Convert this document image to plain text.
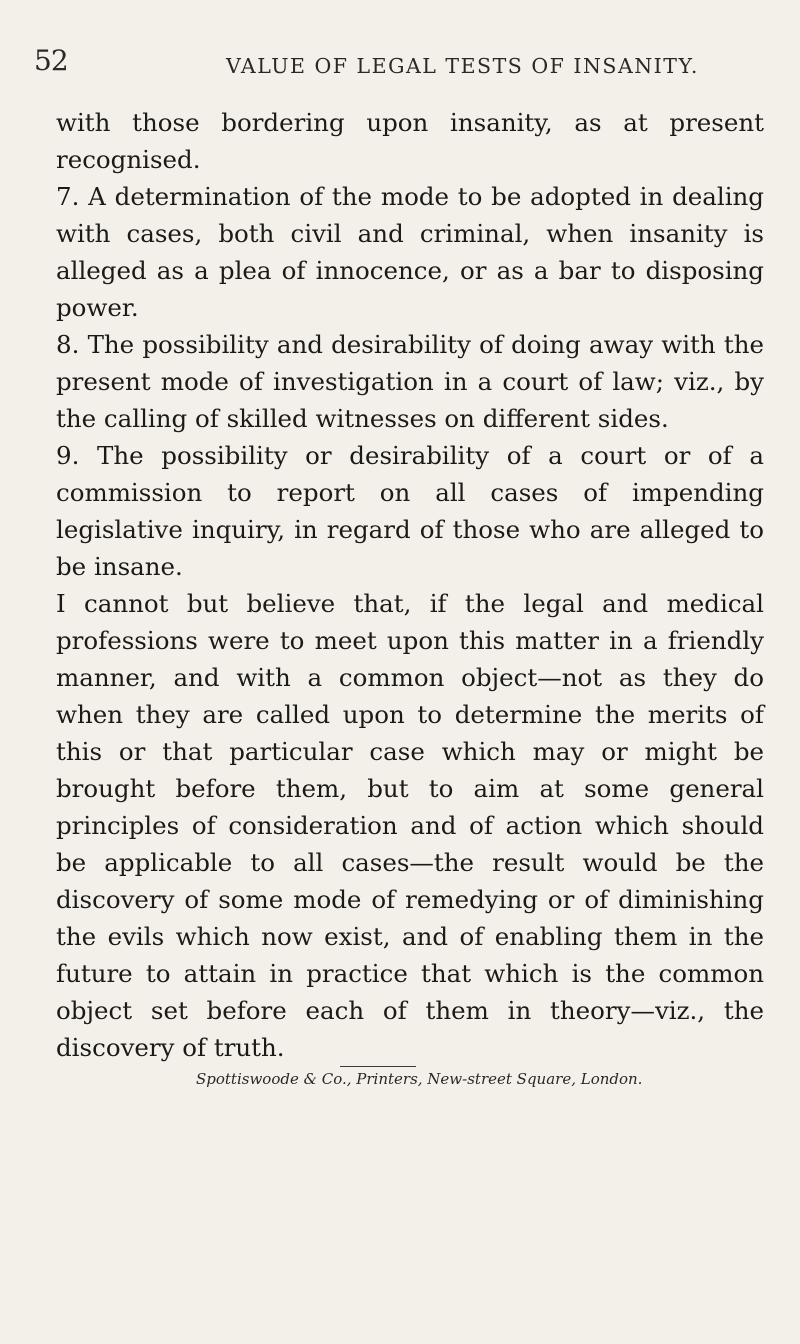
52	VALUE OF LEGAL TESTS OF INSANITY.

with those bordering upon insanity, as at present recognised.

7. A determination of the mode to be adopted in dealing with cases, both civil and criminal, when insanity is alleged as a plea of innocence, or as a bar to disposing power.

8. The possibility and desirability of doing away with the present mode of investigation in a court of law; viz., by the calling of skilled witnesses on different sides.

9. The possibility or desirability of a court or of a commission to report on all cases of impending legislative inquiry, in regard of those who are alleged to be insane.

I cannot but believe that, if the legal and medical professions were to meet upon this matter in a friendly manner, and with a common object—not as they do when they are called upon to determine the merits of this or that particular case which may or might be brought before them, but to aim at some general principles of consideration and of action which should be applicable to all cases—the result would be the discovery of some mode of remedying or of diminishing the evils which now exist, and of enabling them in the future to attain in practice that which is the common object set before each of them in theory—viz., the discovery of truth.

Spottiswoode & Co., Printers, New-street Square, London.
